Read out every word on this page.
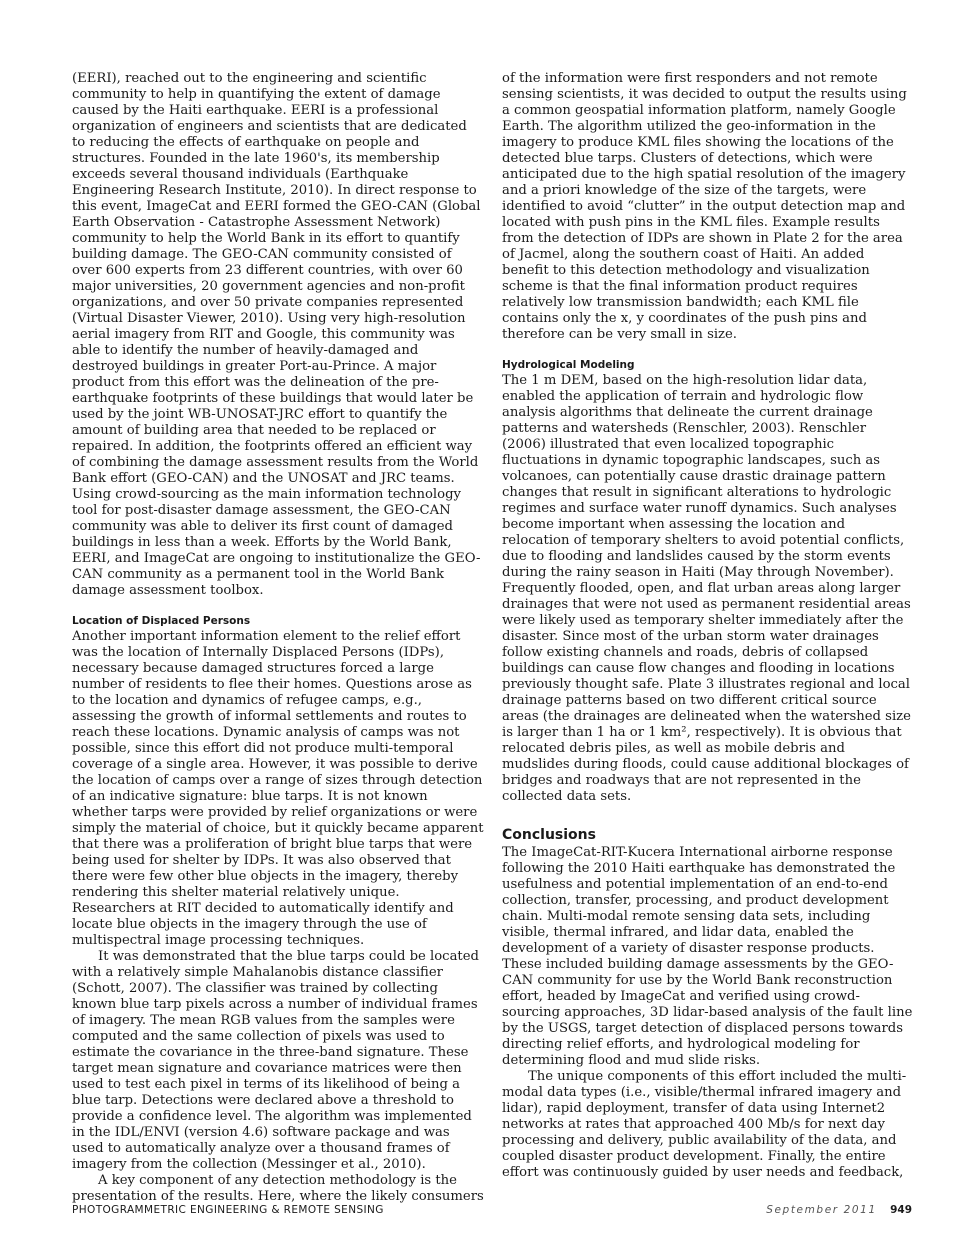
(EERI), reached out to the engineering and scientific community to help in quantifying the extent of damage caused by the Haiti earthquake. EERI is a professional organization of engineers and scientists that are dedicated to reducing the effects of earthquake on people and structures. Founded in the late 1960's, its membership exceeds several thousand individuals (Earthquake Engineering Research Institute, 2010). In direct response to this event, ImageCat and EERI formed the GEO-CAN (Global Earth Observation - Catastrophe Assessment Network) community to help the World Bank in its effort to quantify building damage. The GEO-CAN community consisted of over 600 experts from 23 different countries, with over 60 major universities, 20 government agencies and non-profit organizations, and over 50 private companies represented (Virtual Disaster Viewer, 2010). Using very high-resolution aerial imagery from RIT and Google, this community was able to identify the number of heavily-damaged and destroyed buildings in greater Port-au-Prince. A major product from this effort was the delineation of the pre-earthquake footprints of these buildings that would later be used by the joint WB-UNOSAT-JRC effort to quantify the amount of building area that needed to be replaced or repaired. In addition, the footprints offered an efficient way of combining the damage assessment results from the World Bank effort (GEO-CAN) and the UNOSAT and JRC teams. Using crowd-sourcing as the main information technology tool for post-disaster damage assessment, the GEO-CAN community was able to deliver its first count of damaged buildings in less than a week. Efforts by the World Bank, EERI, and ImageCat are ongoing to institutionalize the GEO-CAN community as a permanent tool in the World Bank damage assessment toolbox.

Location of Displaced Persons

Another important information element to the relief effort was the location of Internally Displaced Persons (IDPs), necessary because damaged structures forced a large number of residents to flee their homes. Questions arose as to the location and dynamics of refugee camps, e.g., assessing the growth of informal settlements and routes to reach these locations. Dynamic analysis of camps was not possible, since this effort did not produce multi-temporal coverage of a single area. However, it was possible to derive the location of camps over a range of sizes through detection of an indicative signature: blue tarps. It is not known whether tarps were provided by relief organizations or were simply the material of choice, but it quickly became apparent that there was a proliferation of bright blue tarps that were being used for shelter by IDPs. It was also observed that there were few other blue objects in the imagery, thereby rendering this shelter material relatively unique. Researchers at RIT decided to automatically identify and locate blue objects in the imagery through the use of multispectral image processing techniques.

It was demonstrated that the blue tarps could be located with a relatively simple Mahalanobis distance classifier (Schott, 2007). The classifier was trained by collecting known blue tarp pixels across a number of individual frames of imagery. The mean RGB values from the samples were computed and the same collection of pixels was used to estimate the covariance in the three-band signature. These target mean signature and covariance matrices were then used to test each pixel in terms of its likelihood of being a blue tarp. Detections were declared above a threshold to provide a confidence level. The algorithm was implemented in the IDL/ENVI (version 4.6) software package and was used to automatically analyze over a thousand frames of imagery from the collection (Messinger et al., 2010).

A key component of any detection methodology is the presentation of the results. Here, where the likely consumers

of the information were first responders and not remote sensing scientists, it was decided to output the results using a common geospatial information platform, namely Google Earth. The algorithm utilized the geo-information in the imagery to produce KML files showing the locations of the detected blue tarps. Clusters of detections, which were anticipated due to the high spatial resolution of the imagery and a priori knowledge of the size of the targets, were identified to avoid “clutter” in the output detection map and located with push pins in the KML files. Example results from the detection of IDPs are shown in Plate 2 for the area of Jacmel, along the southern coast of Haiti. An added benefit to this detection methodology and visualization scheme is that the final information product requires relatively low transmission bandwidth; each KML file contains only the x, y coordinates of the push pins and therefore can be very small in size.

Hydrological Modeling

The 1 m DEM, based on the high-resolution lidar data, enabled the application of terrain and hydrologic flow analysis algorithms that delineate the current drainage patterns and watersheds (Renschler, 2003). Renschler (2006) illustrated that even localized topographic fluctuations in dynamic topographic landscapes, such as volcanoes, can potentially cause drastic drainage pattern changes that result in significant alterations to hydrologic regimes and surface water runoff dynamics. Such analyses become important when assessing the location and relocation of temporary shelters to avoid potential conflicts, due to flooding and landslides caused by the storm events during the rainy season in Haiti (May through November). Frequently flooded, open, and flat urban areas along larger drainages that were not used as permanent residential areas were likely used as temporary shelter immediately after the disaster. Since most of the urban storm water drainages follow existing channels and roads, debris of collapsed buildings can cause flow changes and flooding in locations previously thought safe. Plate 3 illustrates regional and local drainage patterns based on two different critical source areas (the drainages are delineated when the watershed size is larger than 1 ha or 1 km², respectively). It is obvious that relocated debris piles, as well as mobile debris and mudslides during floods, could cause additional blockages of bridges and roadways that are not represented in the collected data sets.

Conclusions

The ImageCat-RIT-Kucera International airborne response following the 2010 Haiti earthquake has demonstrated the usefulness and potential implementation of an end-to-end collection, transfer, processing, and product development chain. Multi-modal remote sensing data sets, including visible, thermal infrared, and lidar data, enabled the development of a variety of disaster response products. These included building damage assessments by the GEO-CAN community for use by the World Bank reconstruction effort, headed by ImageCat and verified using crowd-sourcing approaches, 3D lidar-based analysis of the fault line by the USGS, target detection of displaced persons towards directing relief efforts, and hydrological modeling for determining flood and mud slide risks.

The unique components of this effort included the multi-modal data types (i.e., visible/thermal infrared imagery and lidar), rapid deployment, transfer of data using Internet2 networks at rates that approached 400 Mb/s for next day processing and delivery, public availability of the data, and coupled disaster product development. Finally, the entire effort was continuously guided by user needs and feedback,

PHOTOGRAMMETRIC ENGINEERING & REMOTE SENSING	September 2011 949
